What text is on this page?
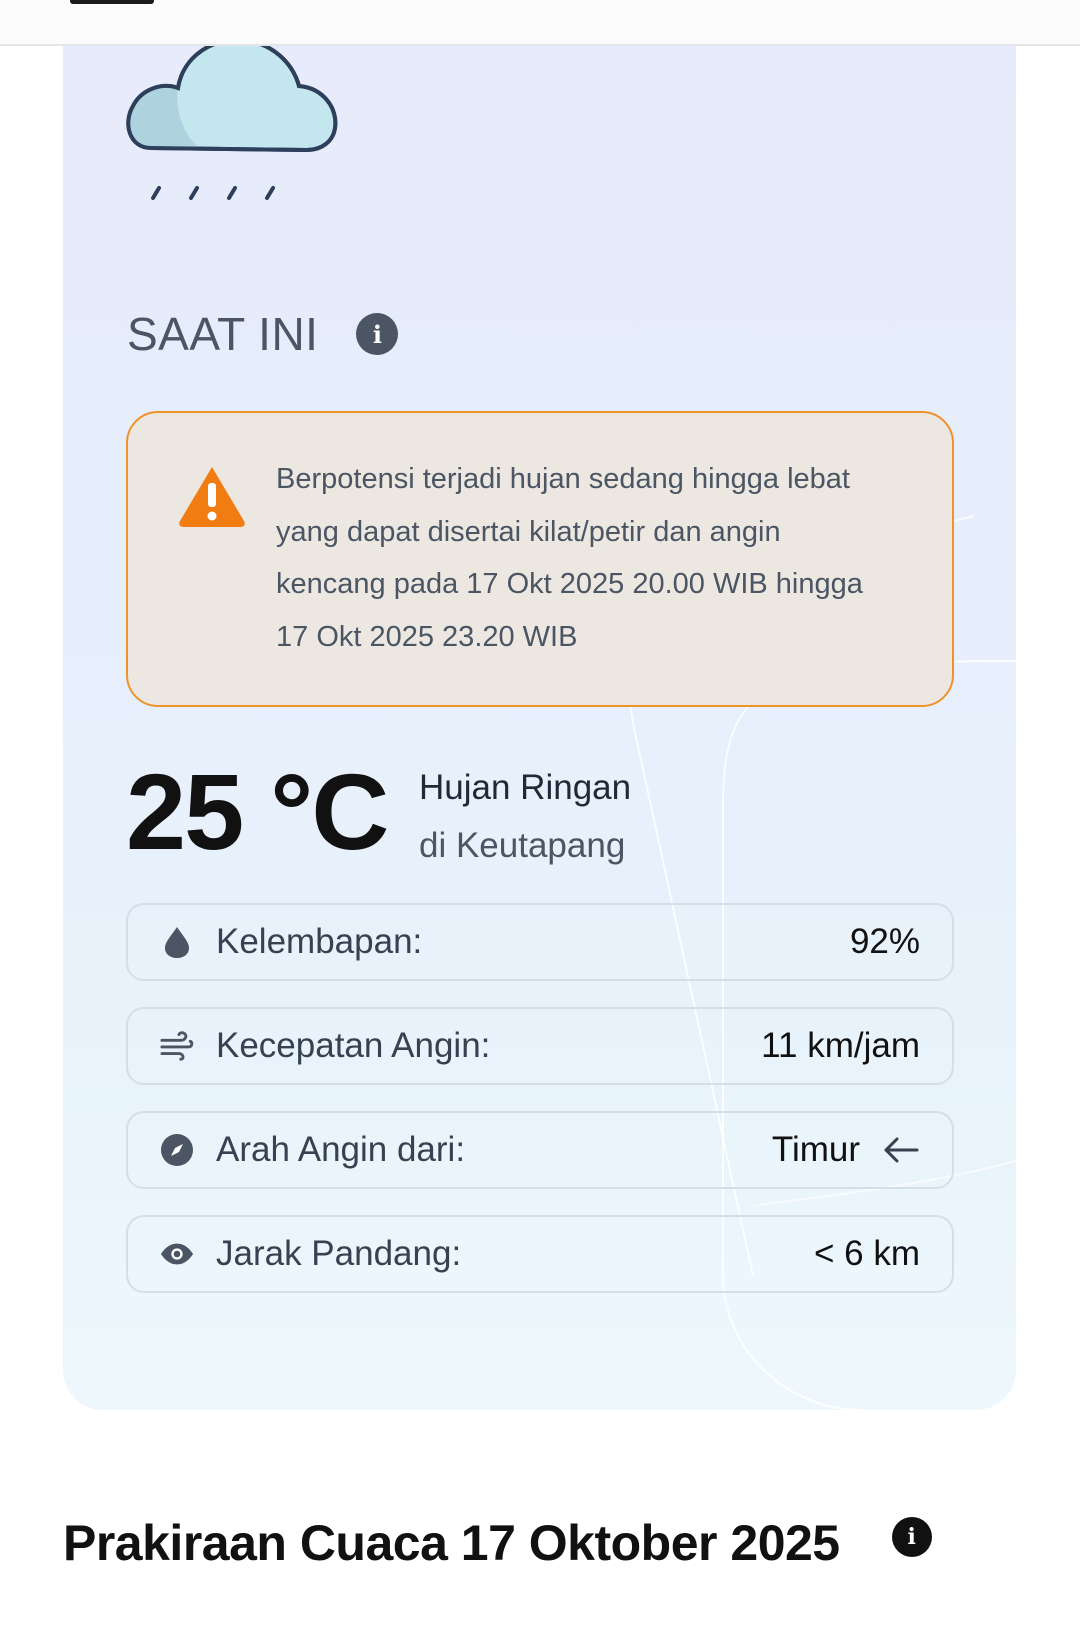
SAAT INI	i
Berpotensi terjadi hujan sedang hingga lebat
yang dapat disertai kilat/petir dan angin
kencang pada 17 Okt 2025 20.00 WIB hingga
17 Okt 2025 23.20 WIB
25 °C Hujan Ringan
di Keutapang
Kelembapan:	92%
Kecepatan Angin:	11 km/jam
Arah Angin dari:	Timur
Jarak Pandang:	< 6 km
Prakiraan Cuaca 17 Oktober 2025	i
